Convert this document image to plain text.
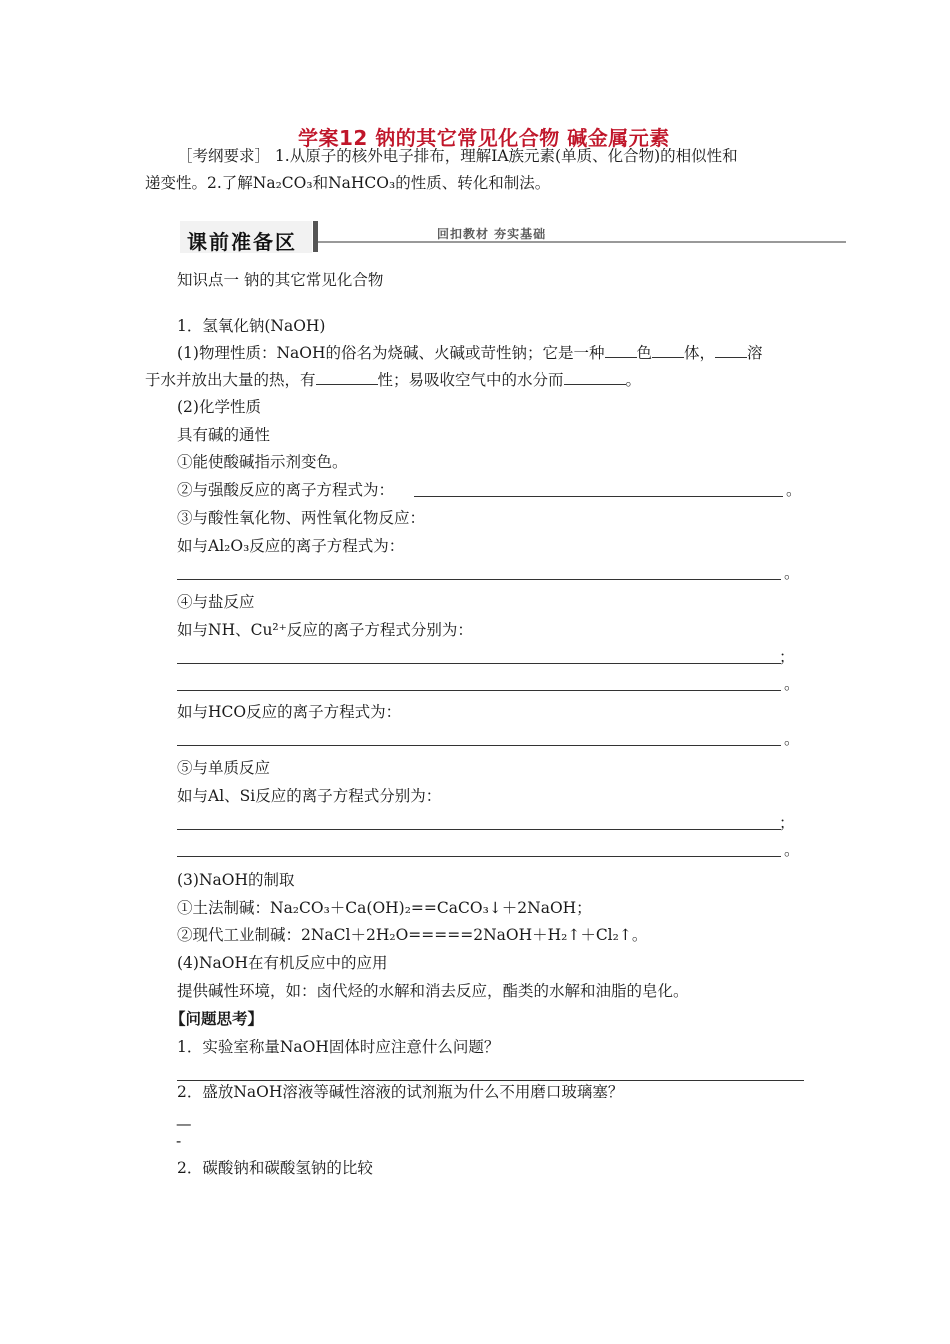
学案12 钠的其它常见化合物 碱金属元素
［考纲要求］ 1.从原子的核外电子排布，理解ⅠA族元素(单质、化合物)的相似性和
递变性。2.了解Na₂CO₃和NaHCO₃的性质、转化和制法。
课前准备区	回扣教材 夯实基础
知识点一 钠的其它常见化合物
1．氢氧化钠(NaOH)
(1)物理性质：NaOH的俗名为烧碱、火碱或苛性钠；它是一种 色 体， 溶
于水并放出大量的热，有	性；易吸收空气中的水分而	。
(2)化学性质
具有碱的通性
①能使酸碱指示剂变色。
②与强酸反应的离子方程式为：	。
③与酸性氧化物、两性氧化物反应：
如与Al₂O₃反应的离子方程式为：
。
④与盐反应
如与NH、Cu²⁺反应的离子方程式分别为：
；
。
如与HCO反应的离子方程式为：
。
⑤与单质反应
如与Al、Si反应的离子方程式分别为：
；
。
(3)NaOH的制取
①土法制碱：Na₂CO₃＋Ca(OH)₂==CaCO₃↓＋2NaOH；
②现代工业制碱：2NaCl＋2H₂O=====2NaOH＋H₂↑＋Cl₂↑。
(4)NaOH在有机反应中的应用
提供碱性环境，如：卤代烃的水解和消去反应，酯类的水解和油脂的皂化。
【问题思考】
1．实验室称量NaOH固体时应注意什么问题？
2．盛放NaOH溶液等碱性溶液的试剂瓶为什么不用磨口玻璃塞？
—
-
2．碳酸钠和碳酸氢钠的比较
